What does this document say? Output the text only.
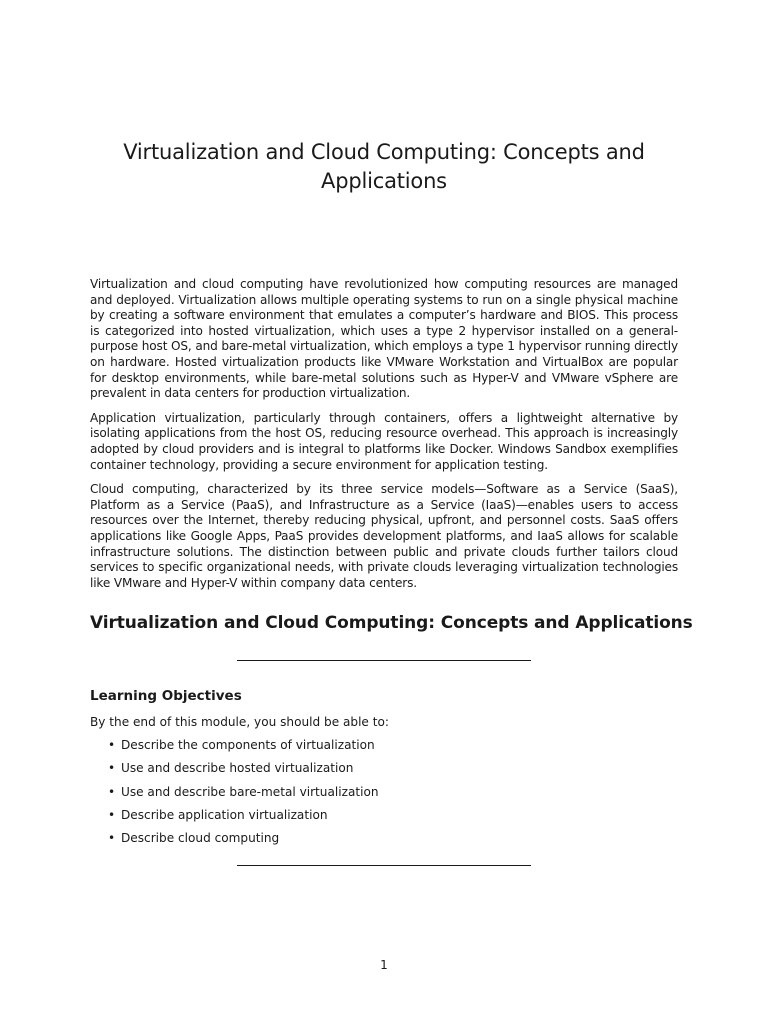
Virtualization and Cloud Computing: Concepts and Applications

Virtualization and cloud computing have revolutionized how computing resources are managed and deployed. Virtualization allows multiple operating systems to run on a single physical machine by creating a software environment that emulates a computer’s hardware and BIOS. This process is categorized into hosted virtualization, which uses a type 2 hypervisor installed on a general-purpose host OS, and bare-metal virtualization, which employs a type 1 hypervisor running directly on hardware. Hosted virtualization products like VMware Workstation and VirtualBox are popular for desktop environments, while bare-metal solutions such as Hyper-V and VMware vSphere are prevalent in data centers for production virtualization.

Application virtualization, particularly through containers, offers a lightweight alternative by isolating applications from the host OS, reducing resource overhead. This approach is increasingly adopted by cloud providers and is integral to platforms like Docker. Windows Sandbox exemplifies container technology, providing a secure environment for application testing.

Cloud computing, characterized by its three service models—Software as a Service (SaaS), Platform as a Service (PaaS), and Infrastructure as a Service (IaaS)—enables users to access resources over the Internet, thereby reducing physical, upfront, and personnel costs. SaaS offers applications like Google Apps, PaaS provides development platforms, and IaaS allows for scalable infrastructure solutions. The distinction between public and private clouds further tailors cloud services to specific organizational needs, with private clouds leveraging virtualization technologies like VMware and Hyper-V within company data centers.

Virtualization and Cloud Computing: Concepts and Applications
Learning Objectives

By the end of this module, you should be able to:

• Describe the components of virtualization
• Use and describe hosted virtualization
• Use and describe bare-metal virtualization
• Describe application virtualization
• Describe cloud computing
1
